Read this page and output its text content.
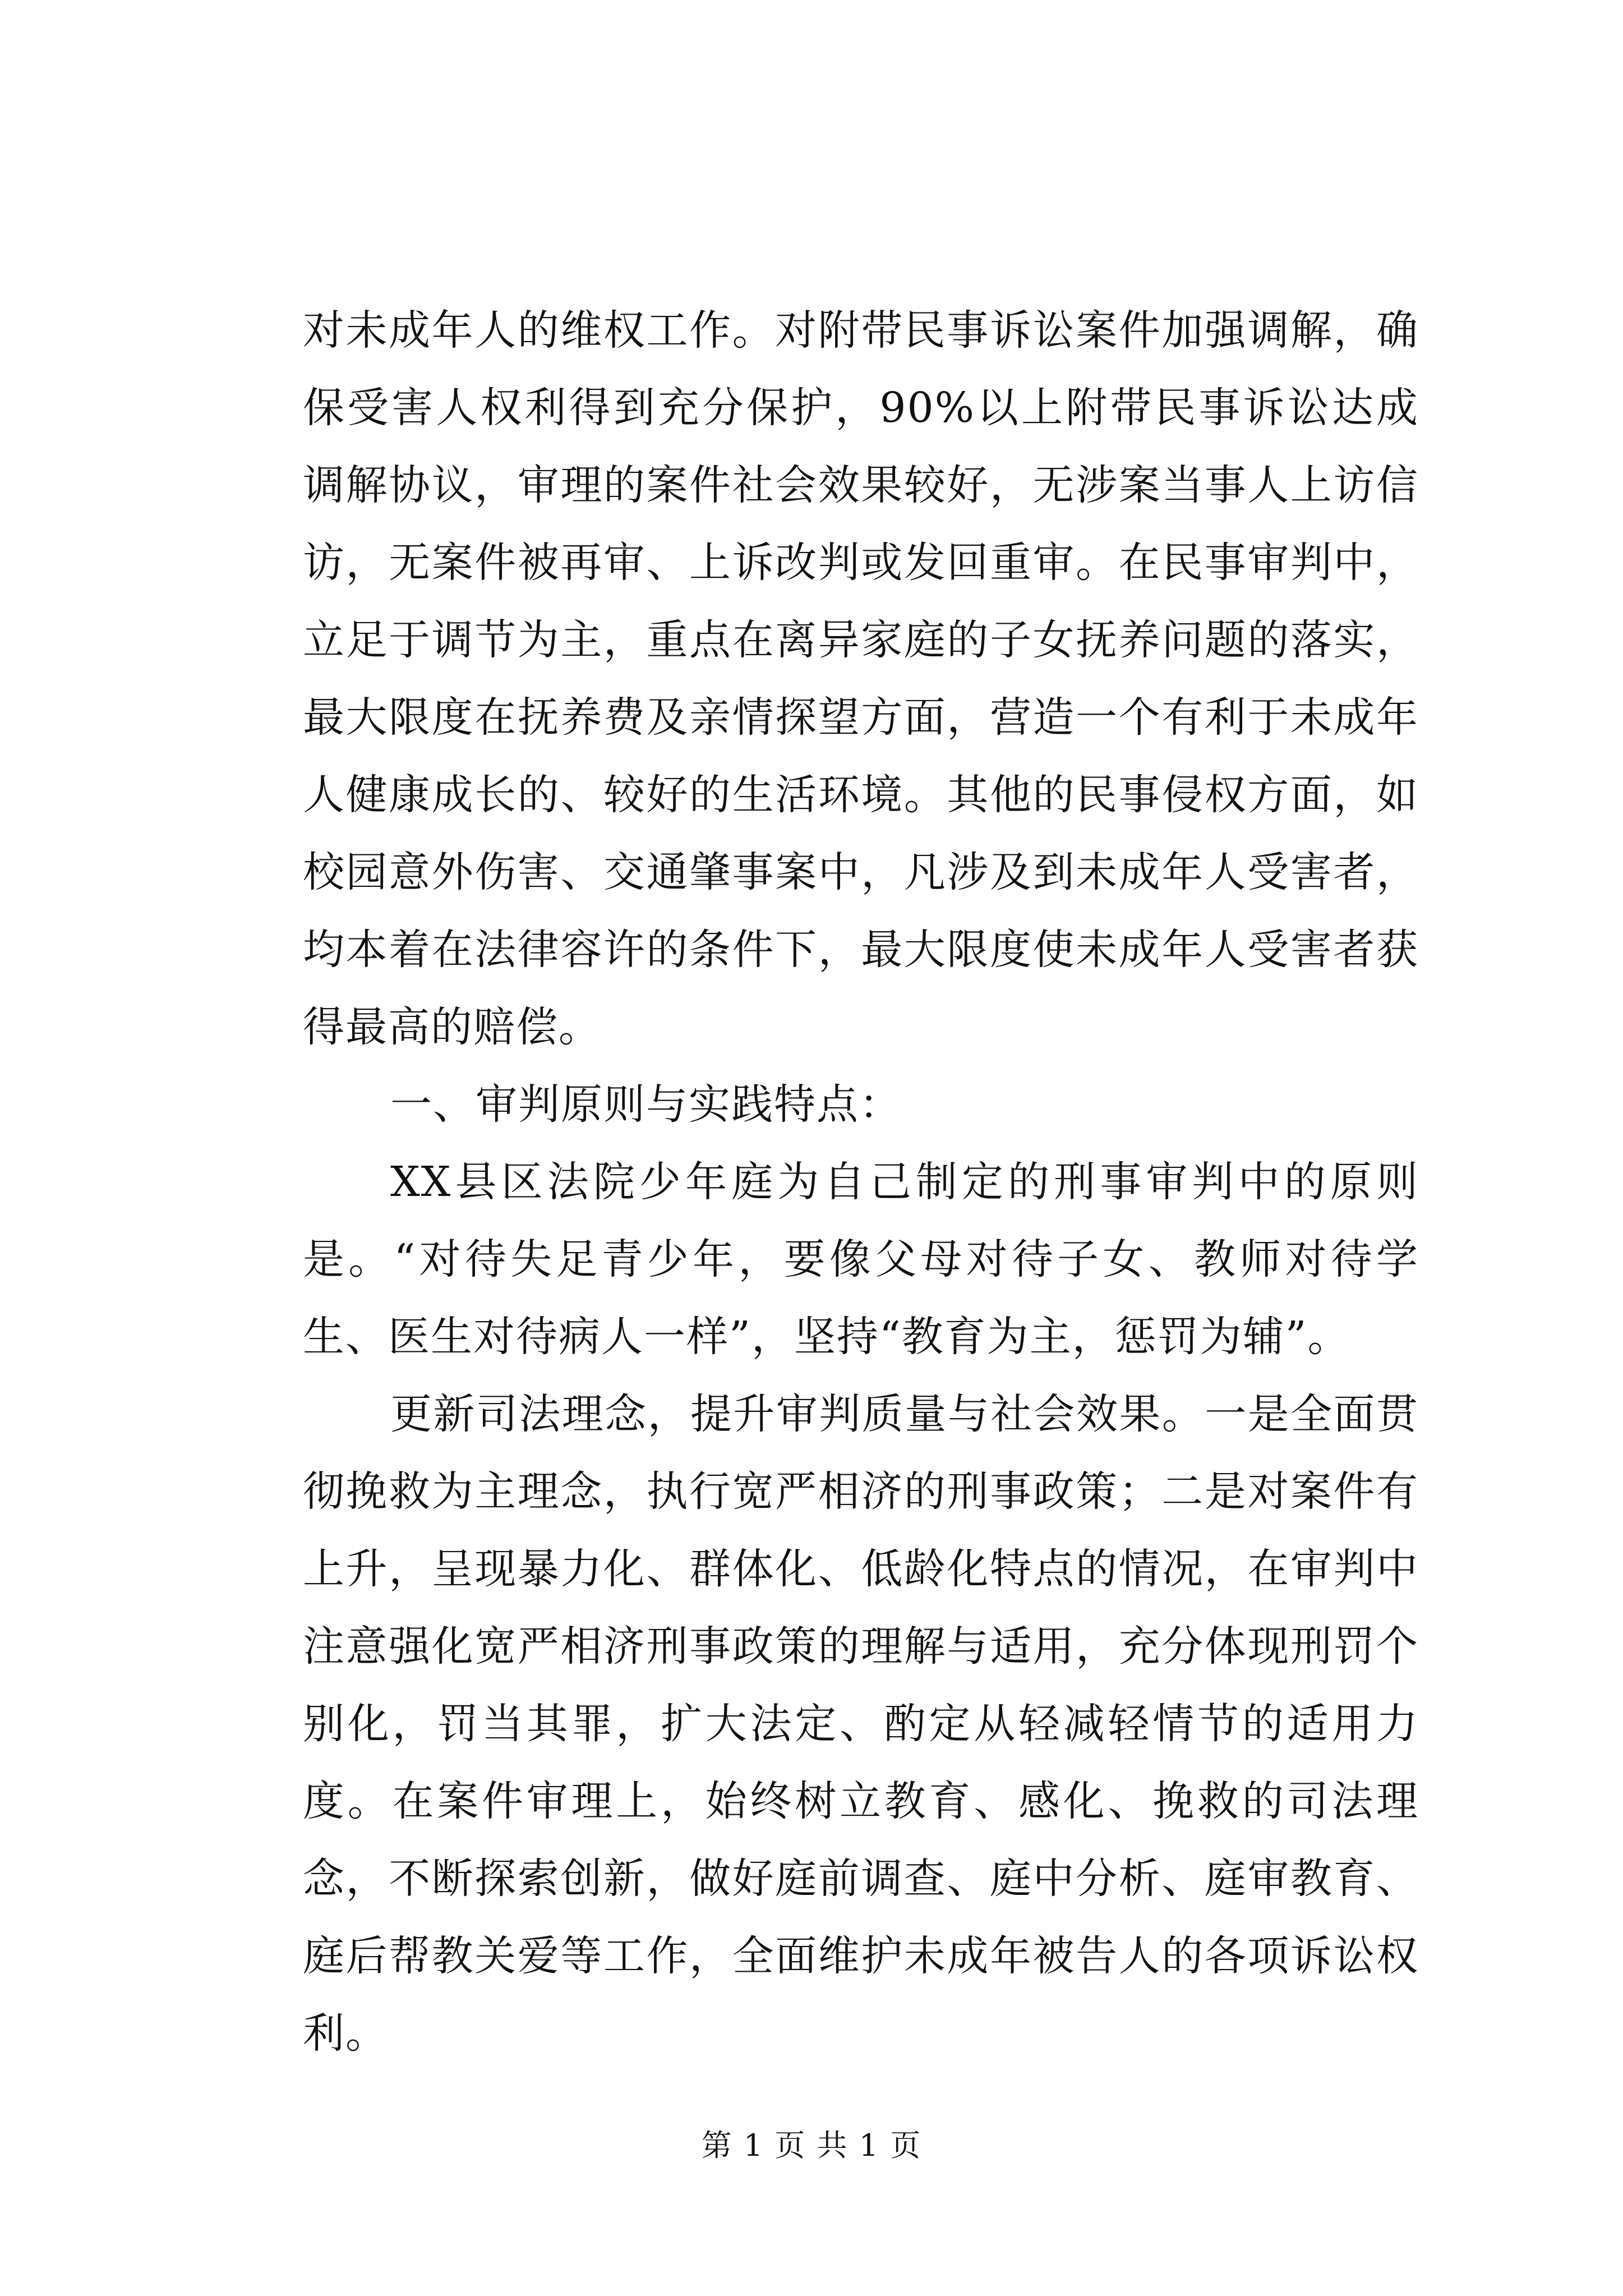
对未成年人的维权工作。对附带民事诉讼案件加强调解，确保受害人权利得到充分保护，90%以上附带民事诉讼达成调解协议，审理的案件社会效果较好，无涉案当事人上访信访，无案件被再审、上诉改判或发回重审。在民事审判中，立足于调节为主，重点在离异家庭的子女抚养问题的落实，最大限度在抚养费及亲情探望方面，营造一个有利于未成年人健康成长的、较好的生活环境。其他的民事侵权方面，如校园意外伤害、交通肇事案中，凡涉及到未成年人受害者，均本着在法律容许的条件下，最大限度使未成年人受害者获得最高的赔偿。

一、审判原则与实践特点：

XX县区法院少年庭为自己制定的刑事审判中的原则是。“对待失足青少年，要像父母对待子女、教师对待学生、医生对待病人一样”，坚持“教育为主，惩罚为辅”。

更新司法理念，提升审判质量与社会效果。一是全面贯彻挽救为主理念，执行宽严相济的刑事政策；二是对案件有上升，呈现暴力化、群体化、低龄化特点的情况，在审判中注意强化宽严相济刑事政策的理解与适用，充分体现刑罚个别化，罚当其罪，扩大法定、酌定从轻减轻情节的适用力度。在案件审理上，始终树立教育、感化、挽救的司法理念，不断探索创新，做好庭前调查、庭中分析、庭审教育、庭后帮教关爱等工作，全面维护未成年被告人的各项诉讼权利。

第 1 页 共 1 页
